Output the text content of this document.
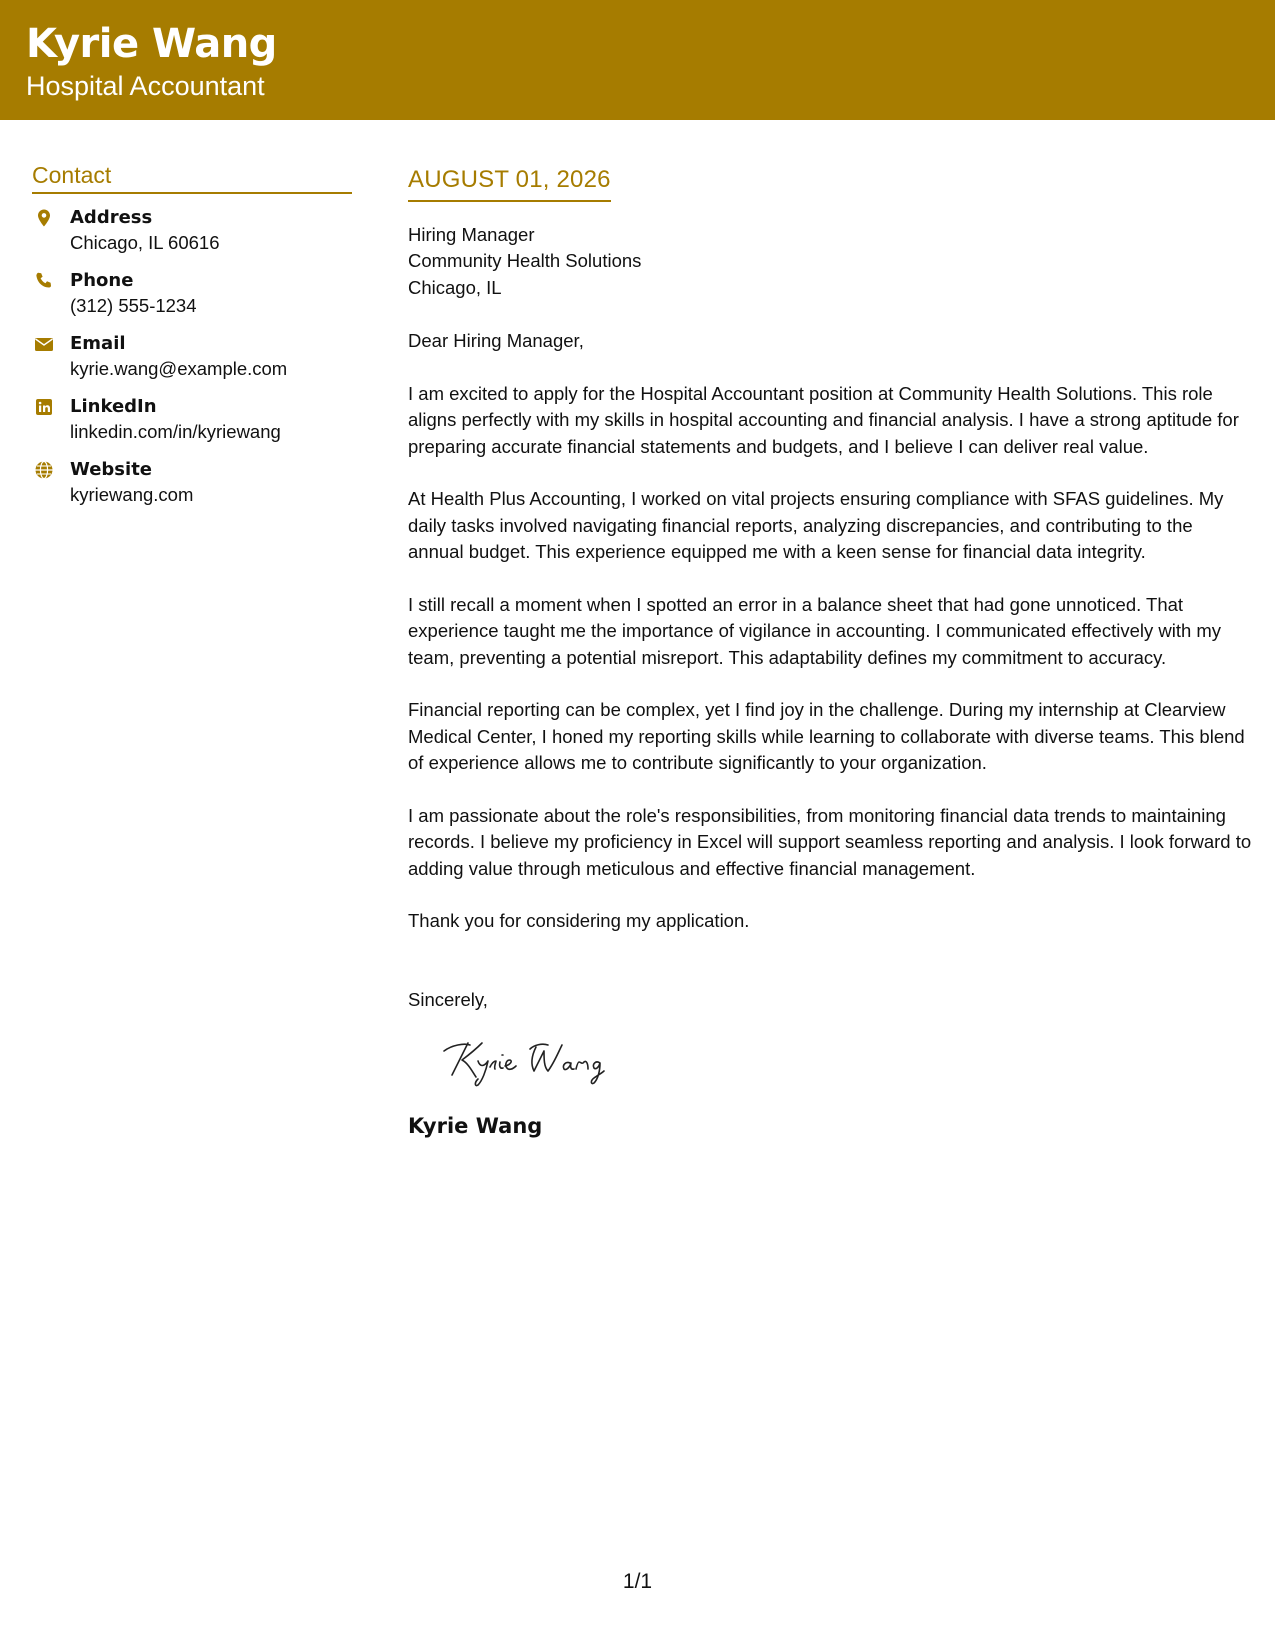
Kyrie Wang
Hospital Accountant
Contact
Address
Chicago, IL 60616
Phone
(312) 555-1234
Email
kyrie.wang@example.com
LinkedIn
linkedin.com/in/kyriewang
Website
kyriewang.com
AUGUST 01, 2026
Hiring Manager
Community Health Solutions
Chicago, IL
Dear Hiring Manager,
I am excited to apply for the Hospital Accountant position at Community Health Solutions. This role aligns perfectly with my skills in hospital accounting and financial analysis. I have a strong aptitude for preparing accurate financial statements and budgets, and I believe I can deliver real value.
At Health Plus Accounting, I worked on vital projects ensuring compliance with SFAS guidelines. My daily tasks involved navigating financial reports, analyzing discrepancies, and contributing to the annual budget. This experience equipped me with a keen sense for financial data integrity.
I still recall a moment when I spotted an error in a balance sheet that had gone unnoticed. That experience taught me the importance of vigilance in accounting. I communicated effectively with my team, preventing a potential misreport. This adaptability defines my commitment to accuracy.
Financial reporting can be complex, yet I find joy in the challenge. During my internship at Clearview Medical Center, I honed my reporting skills while learning to collaborate with diverse teams. This blend of experience allows me to contribute significantly to your organization.
I am passionate about the role's responsibilities, from monitoring financial data trends to maintaining records. I believe my proficiency in Excel will support seamless reporting and analysis. I look forward to adding value through meticulous and effective financial management.
Thank you for considering my application.
Sincerely,
Kyrie Wang
1/1
